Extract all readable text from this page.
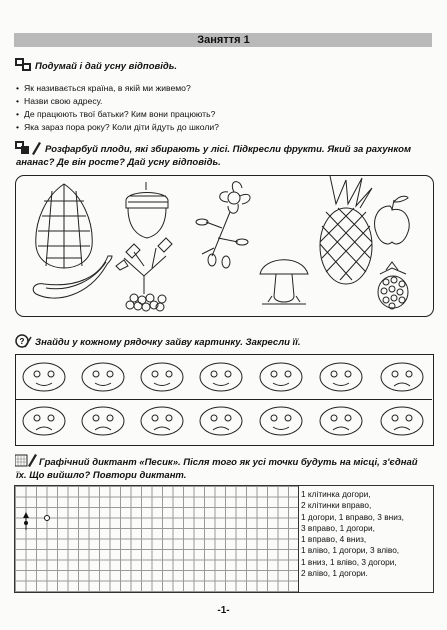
Заняття 1
Подумай і дай усну відповідь.
• Як називається країна, в якій ми живемо?
• Назви свою адресу.
• Де працюють твої батьки? Ким вони працюють?
• Яка зараз пора року? Коли діти йдуть до школи?
Розфарбуй плоди, які збирають у лісі. Підкресли фрукти. Який за рахунком
ананас? Де він росте? Дай усну відповідь.
? Знайди у кожному рядочку зайву картинку. Закресли її.
Графічний диктант «Песик». Після того як усі точки будуть на місці, з'єднай
їх. Що вийшло? Повтори диктант.
1 клітинка догори,
2 клітинки вправо,
1 догори, 1 вправо, 3 вниз,
3 вправо, 1 догори,
1 вправо, 4 вниз,
1 вліво, 1 догори, 3 вліво,
1 вниз, 1 вліво, 3 догори,
2 вліво, 1 догори.
-1-
